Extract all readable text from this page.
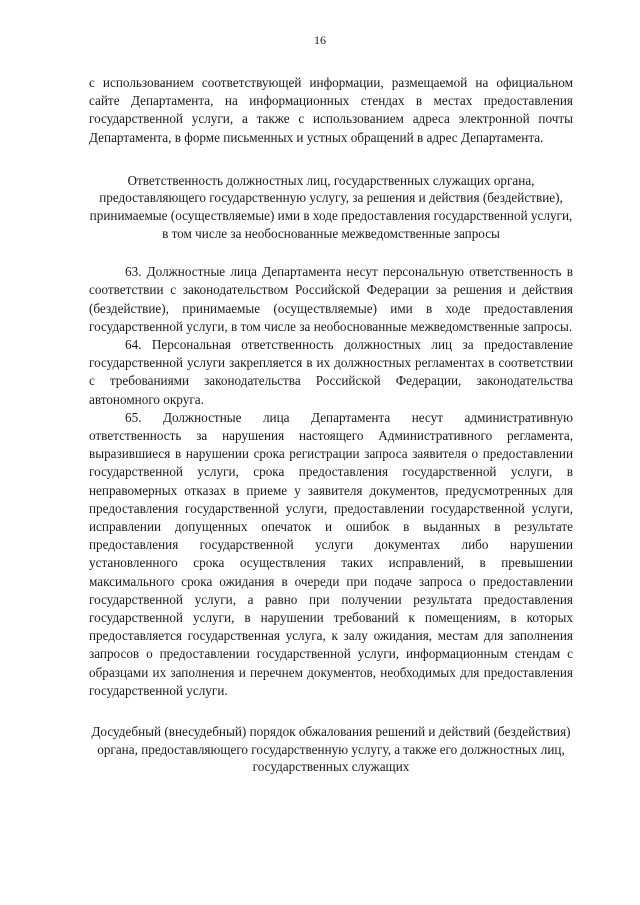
16

с использованием соответствующей информации, размещаемой на официальном сайте Департамента, на информационных стендах в местах предоставления государственной услуги, а также с использованием адреса электронной почты Департамента, в форме письменных и устных обращений в адрес Департамента.

Ответственность должностных лиц, государственных служащих органа, предоставляющего государственную услугу, за решения и действия (бездействие), принимаемые (осуществляемые) ими в ходе предоставления государственной услуги, в том числе за необоснованные межведомственные запросы

63. Должностные лица Департамента несут персональную ответственность в соответствии с законодательством Российской Федерации за решения и действия (бездействие), принимаемые (осуществляемые) ими в ходе предоставления государственной услуги, в том числе за необоснованные межведомственные запросы.

64. Персональная ответственность должностных лиц за предоставление государственной услуги закрепляется в их должностных регламентах в соответствии с требованиями законодательства Российской Федерации, законодательства автономного округа.

65. Должностные лица Департамента несут административную ответственность за нарушения настоящего Административного регламента, выразившиеся в нарушении срока регистрации запроса заявителя о предоставлении государственной услуги, срока предоставления государственной услуги, в неправомерных отказах в приеме у заявителя документов, предусмотренных для предоставления государственной услуги, предоставлении государственной услуги, исправлении допущенных опечаток и ошибок в выданных в результате предоставления государственной услуги документах либо нарушении установленного срока осуществления таких исправлений, в превышении максимального срока ожидания в очереди при подаче запроса о предоставлении государственной услуги, а равно при получении результата предоставления государственной услуги, в нарушении требований к помещениям, в которых предоставляется государственная услуга, к залу ожидания, местам для заполнения запросов о предоставлении государственной услуги, информационным стендам с образцами их заполнения и перечнем документов, необходимых для предоставления государственной услуги.

Досудебный (внесудебный) порядок обжалования решений и действий (бездействия) органа, предоставляющего государственную услугу, а также его должностных лиц, государственных служащих
